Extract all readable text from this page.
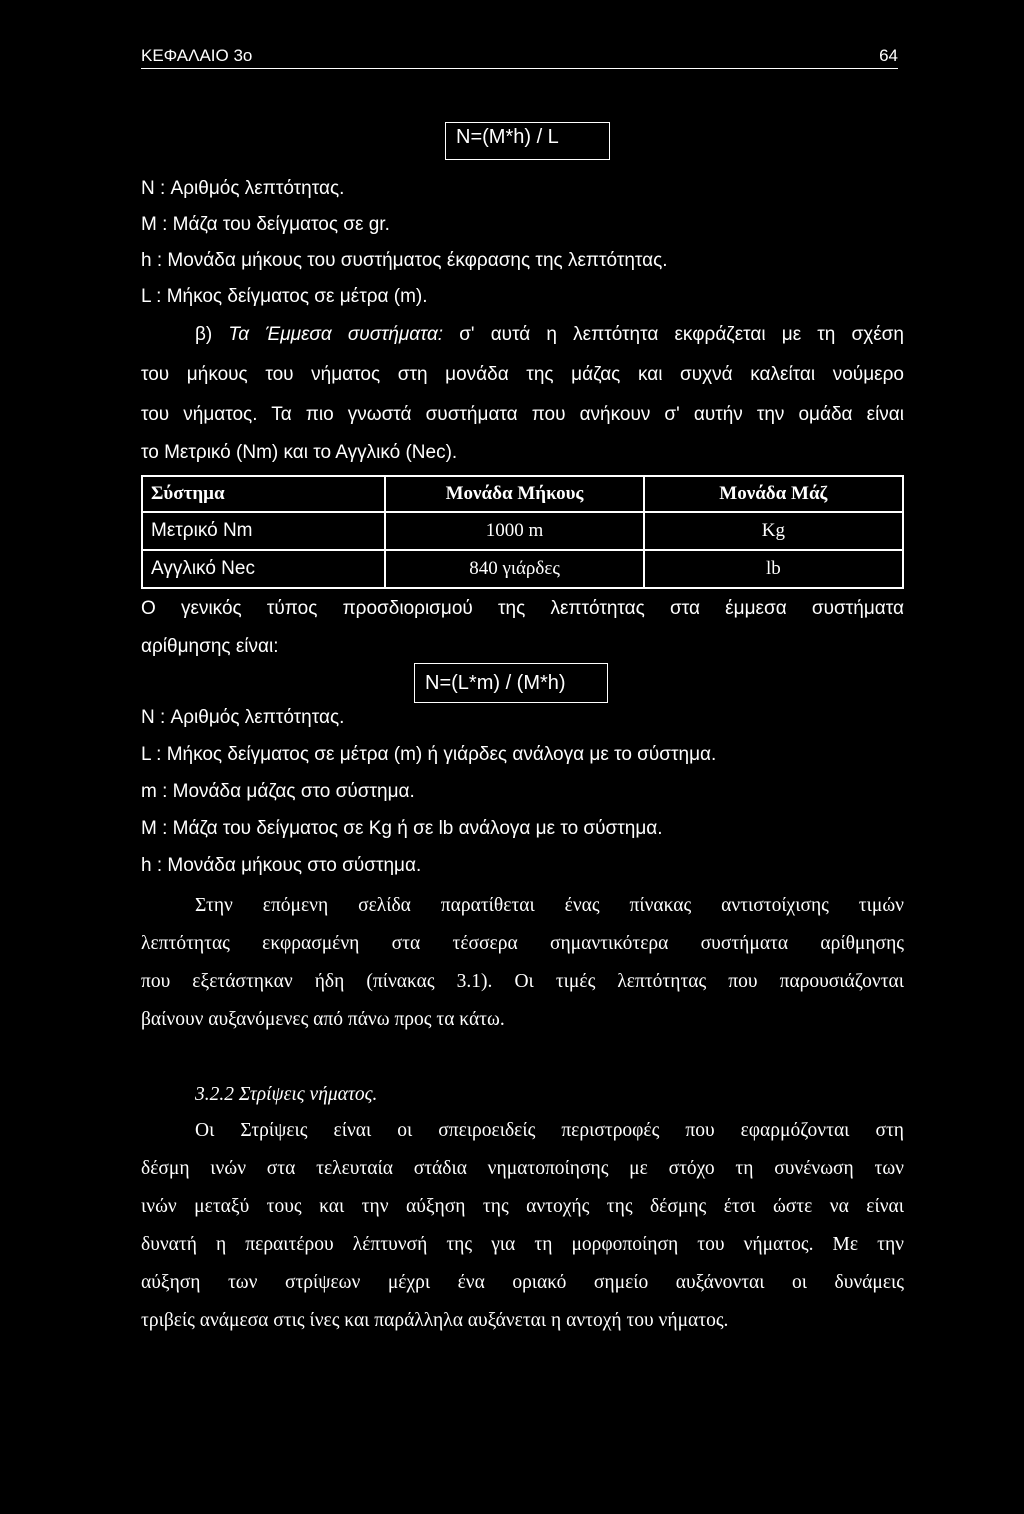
ΚΕΦΑΛΑΙΟ 3ο	64
N=(M*h) / L
N : Αριθμός λεπτότητας.
M : Μάζα του δείγματος σε gr.
h : Μονάδα μήκους του συστήματος έκφρασης της λεπτότητας.
L : Μήκος δείγματος σε μέτρα (m).
β) Τα Έμμεσα συστήματα: σ' αυτά η λεπτότητα εκφράζεται με τη σχέση
του μήκους του νήματος στη μονάδα της μάζας και συχνά καλείται νούμερο
του νήματος. Τα πιο γνωστά συστήματα που ανήκουν σ' αυτήν την ομάδα είναι
το Μετρικό (Nm) και το Αγγλικό (Nec).
Σύστημα	Μονάδα Μήκους	Μονάδα Μάζ
Μετρικό Nm	1000 m	Kg
Αγγλικό Nec	840 γιάρδες	lb
Ο γενικός τύπος προσδιορισμού της λεπτότητας στα έμμεσα συστήματα
αρίθμησης είναι:
N=(L*m) / (M*h)
N : Αριθμός λεπτότητας.
L : Μήκος δείγματος σε μέτρα (m) ή γιάρδες ανάλογα με το σύστημα.
m : Μονάδα μάζας στο σύστημα.
M : Μάζα του δείγματος σε Kg ή σε lb ανάλογα με το σύστημα.
h : Μονάδα μήκους στο σύστημα.
Στην επόμενη σελίδα παρατίθεται ένας πίνακας αντιστοίχισης τιμών
λεπτότητας εκφρασμένη στα τέσσερα σημαντικότερα συστήματα αρίθμησης
που εξετάστηκαν ήδη (πίνακας 3.1). Οι τιμές λεπτότητας που παρουσιάζονται
βαίνουν αυξανόμενες από πάνω προς τα κάτω.
3.2.2 Στρίψεις νήματος.
Οι Στρίψεις είναι οι σπειροειδείς περιστροφές που εφαρμόζονται στη
δέσμη ινών στα τελευταία στάδια νηματοποίησης με στόχο τη συνένωση των
ινών μεταξύ τους και την αύξηση της αντοχής της δέσμης έτσι ώστε να είναι
δυνατή η περαιτέρου λέπτυνσή της για τη μορφοποίηση του νήματος. Με την
αύξηση των στρίψεων μέχρι ένα οριακό σημείο αυξάνονται οι δυνάμεις
τριβείς ανάμεσα στις ίνες και παράλληλα αυξάνεται η αντοχή του νήματος.
